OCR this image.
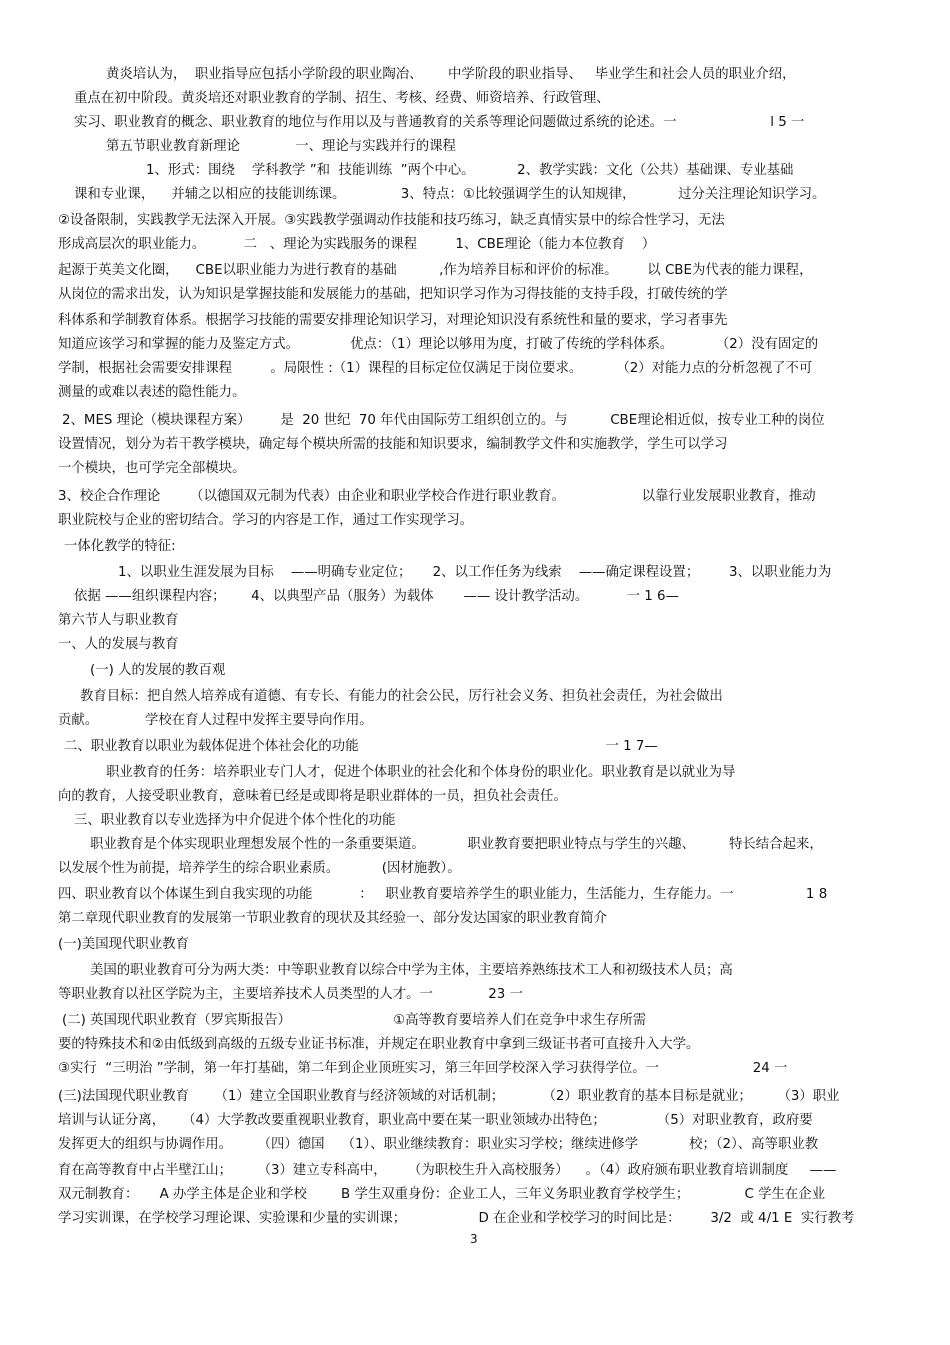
黄炎培认为，  职业指导应包括小学阶段的职业陶冶、      中学阶段的职业指导、   毕业学生和社会人员的职业介绍，
重点在初中阶段。黄炎培还对职业教育的学制、招生、考核、经费、师资培养、行政管理、
实习、职业教育的概念、职业教育的地位与作用以及与普通教育的关系等理论问题做过系统的论述。一                      l 5 一
第五节职业教育新理论             一、理论与实践并行的课程
1、形式：围绕    学科教学 ”和  技能训练  ”两个中心。          2、教学实践：文化（公共）基础课、专业基础
课和专业课，    并辅之以相应的技能训练课。             3、特点：①比较强调学生的认知规律，          过分关注理论知识学习。
②设备限制，实践教学无法深入开展。③实践教学强调动作技能和技巧练习，缺乏真情实景中的综合性学习，无法
形成高层次的职业能力。         二   、理论为实践服务的课程         1、CBE理论（能力本位教育    ）
起源于英美文化圈，    CBE以职业能力为进行教育的基础          ,作为培养目标和评价的标准。       以 CBE为代表的能力课程，
从岗位的需求出发，认为知识是掌握技能和发展能力的基础，把知识学习作为习得技能的支持手段，打破传统的学
科体系和学制教育体系。根据学习技能的需要安排理论知识学习，对理论知识没有系统性和量的要求，学习者事先
知道应该学习和掌握的能力及鉴定方式。            优点：（1）理论以够用为度，打破了传统的学科体系。          （2）没有固定的
学制，根据社会需要安排课程         。局限性 :（1）课程的目标定位仅满足于岗位要求。        （2）对能力点的分析忽视了不可
测量的或难以表述的隐性能力。
2、MES 理论（模块课程方案）       是  20 世纪  70 年代由国际劳工组织创立的。与          CBE理论相近似，按专业工种的岗位
设置情况，划分为若干教学模块，确定每个模块所需的技能和知识要求，编制教学文件和实施教学，学生可以学习
一个模块，也可学完全部模块。
3、校企合作理论       （以德国双元制为代表）由企业和职业学校合作进行职业教育。                  以靠行业发展职业教育，推动
职业院校与企业的密切结合。学习的内容是工作，通过工作实现学习。
一体化教学的特征:
1、以职业生涯发展为目标    ——明确专业定位；     2、以工作任务为线索    ——确定课程设置；       3、以职业能力为
依据 ——组织课程内容；      4、以典型产品（服务）为载体       —— 设计教学活动。         一 1 6—
第六节人与职业教育
一、人的发展与教育
(一) 人的发展的教百观
教育目标：把自然人培养成有道德、有专长、有能力的社会公民，厉行社会义务、担负社会责任，为社会做出
贡献。           学校在育人过程中发挥主要导向作用。
二、职业教育以职业为载体促进个体社会化的功能                                                          一 1 7—
职业教育的任务：培养职业专门人才，促进个体职业的社会化和个体身份的职业化。职业教育是以就业为导
向的教育，人接受职业教育，意味着已经是或即将是职业群体的一员，担负社会责任。
三、职业教育以专业选择为中介促进个体个性化的功能
职业教育是个体实现职业理想发展个性的一条重要渠道。          职业教育要把职业特点与学生的兴趣、        特长结合起来，
以发展个性为前提，培养学生的综合职业素质。          (因材施教）。
四、职业教育以个体谋生到自我实现的功能           ：   职业教育要培养学生的职业能力，生活能力，生存能力。一                 1 8
第二章现代职业教育的发展第一节职业教育的现状及其经验一、部分发达国家的职业教育简介
(一)美国现代职业教育
美国的职业教育可分为两大类：中等职业教育以综合中学为主体，主要培养熟练技术工人和初级技术人员；高
等职业教育以社区学院为主，主要培养技术人员类型的人才。一             23 一
(二) 英国现代职业教育（罗宾斯报告）                        ①高等教育要培养人们在竞争中求生存所需
要的特殊技术和②由低级到高级的五级专业证书标准，并规定在职业教育中拿到三级证书者可直接升入大学。
③实行  “三明治 ”学制，第一年打基础，第二年到企业顶班实习，第三年回学校深入学习获得学位。一                      24 一
(三)法国现代职业教育      （1）建立全国职业教育与经济领域的对话机制；         （2）职业教育的基本目标是就业；      （3）职业
培训与认证分离，    （4）大学教改要重视职业教育，职业高中要在某一职业领域办出特色；            （5）对职业教育，政府要
发挥更大的组织与协调作用。      （四）德国    （1）、职业继续教育：职业实习学校；继续进修学            校；（2）、高等职业教
育在高等教育中占半壁江山；      （3）建立专科高中，     （为职校生升入高校服务）    。（4）政府颁布职业教育培训制度     ——
双元制教育：     A 办学主体是企业和学校        B 学生双重身份：企业工人，三年义务职业教育学校学生；             C 学生在企业
学习实训课，在学校学习理论课、实验课和少量的实训课；                 D 在企业和学校学习的时间比是：       3/2  或 4/1 E  实行教考
3
